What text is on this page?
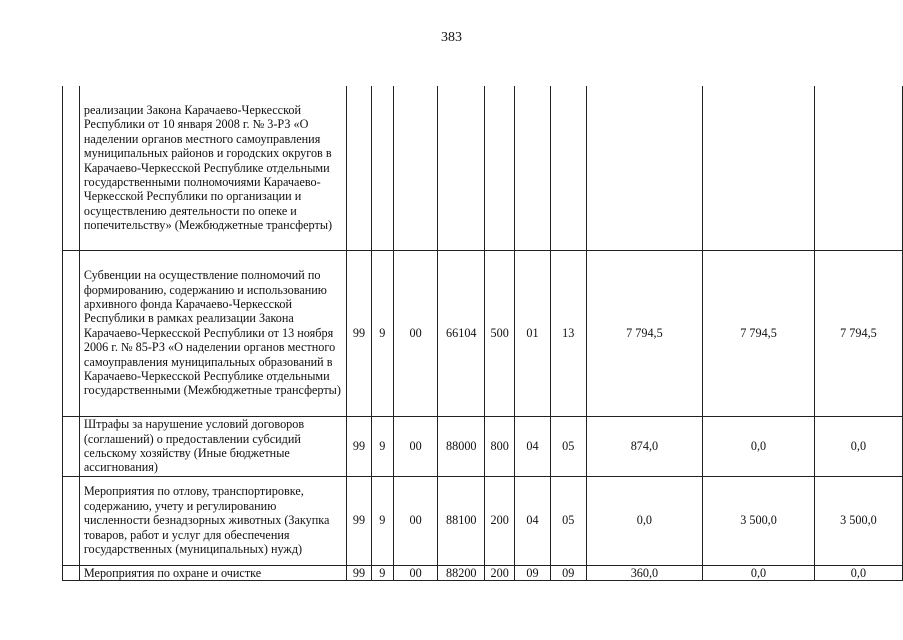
383
	реализации Закона Карачаево-Черкесской Республики от 10 января 2008 г. № 3-РЗ «О наделении органов местного самоуправления муниципальных районов и городских округов в Карачаево-Черкесской Республике отдельными государственными полномочиями Карачаево-Черкесской Республики по организации и осуществлению деятельности по опеке и попечительству» (Межбюджетные трансферты)										
	Субвенции на осуществление полномочий по формированию, содержанию и использованию архивного фонда Карачаево-Черкесской Республики в рамках реализации Закона Карачаево-Черкесской Республики от 13 ноября 2006 г. № 85-РЗ «О наделении органов местного самоуправления муниципальных образований в Карачаево-Черкесской Республике отдельными государственными (Межбюджетные трансферты)	99	9	00	66104	500	01	13	7 794,5	7 794,5	7 794,5
	Штрафы за нарушение условий договоров (соглашений) о предоставлении субсидий сельскому хозяйству (Иные бюджетные ассигнования)	99	9	00	88000	800	04	05	874,0	0,0	0,0
	Мероприятия по отлову, транспортировке, содержанию, учету и регулированию численности безнадзорных животных (Закупка товаров, работ и услуг для обеспечения государственных (муниципальных) нужд)	99	9	00	88100	200	04	05	0,0	3 500,0	3 500,0
	Мероприятия по охране и очистке	99	9	00	88200	200	09	09	360,0	0,0	0,0
